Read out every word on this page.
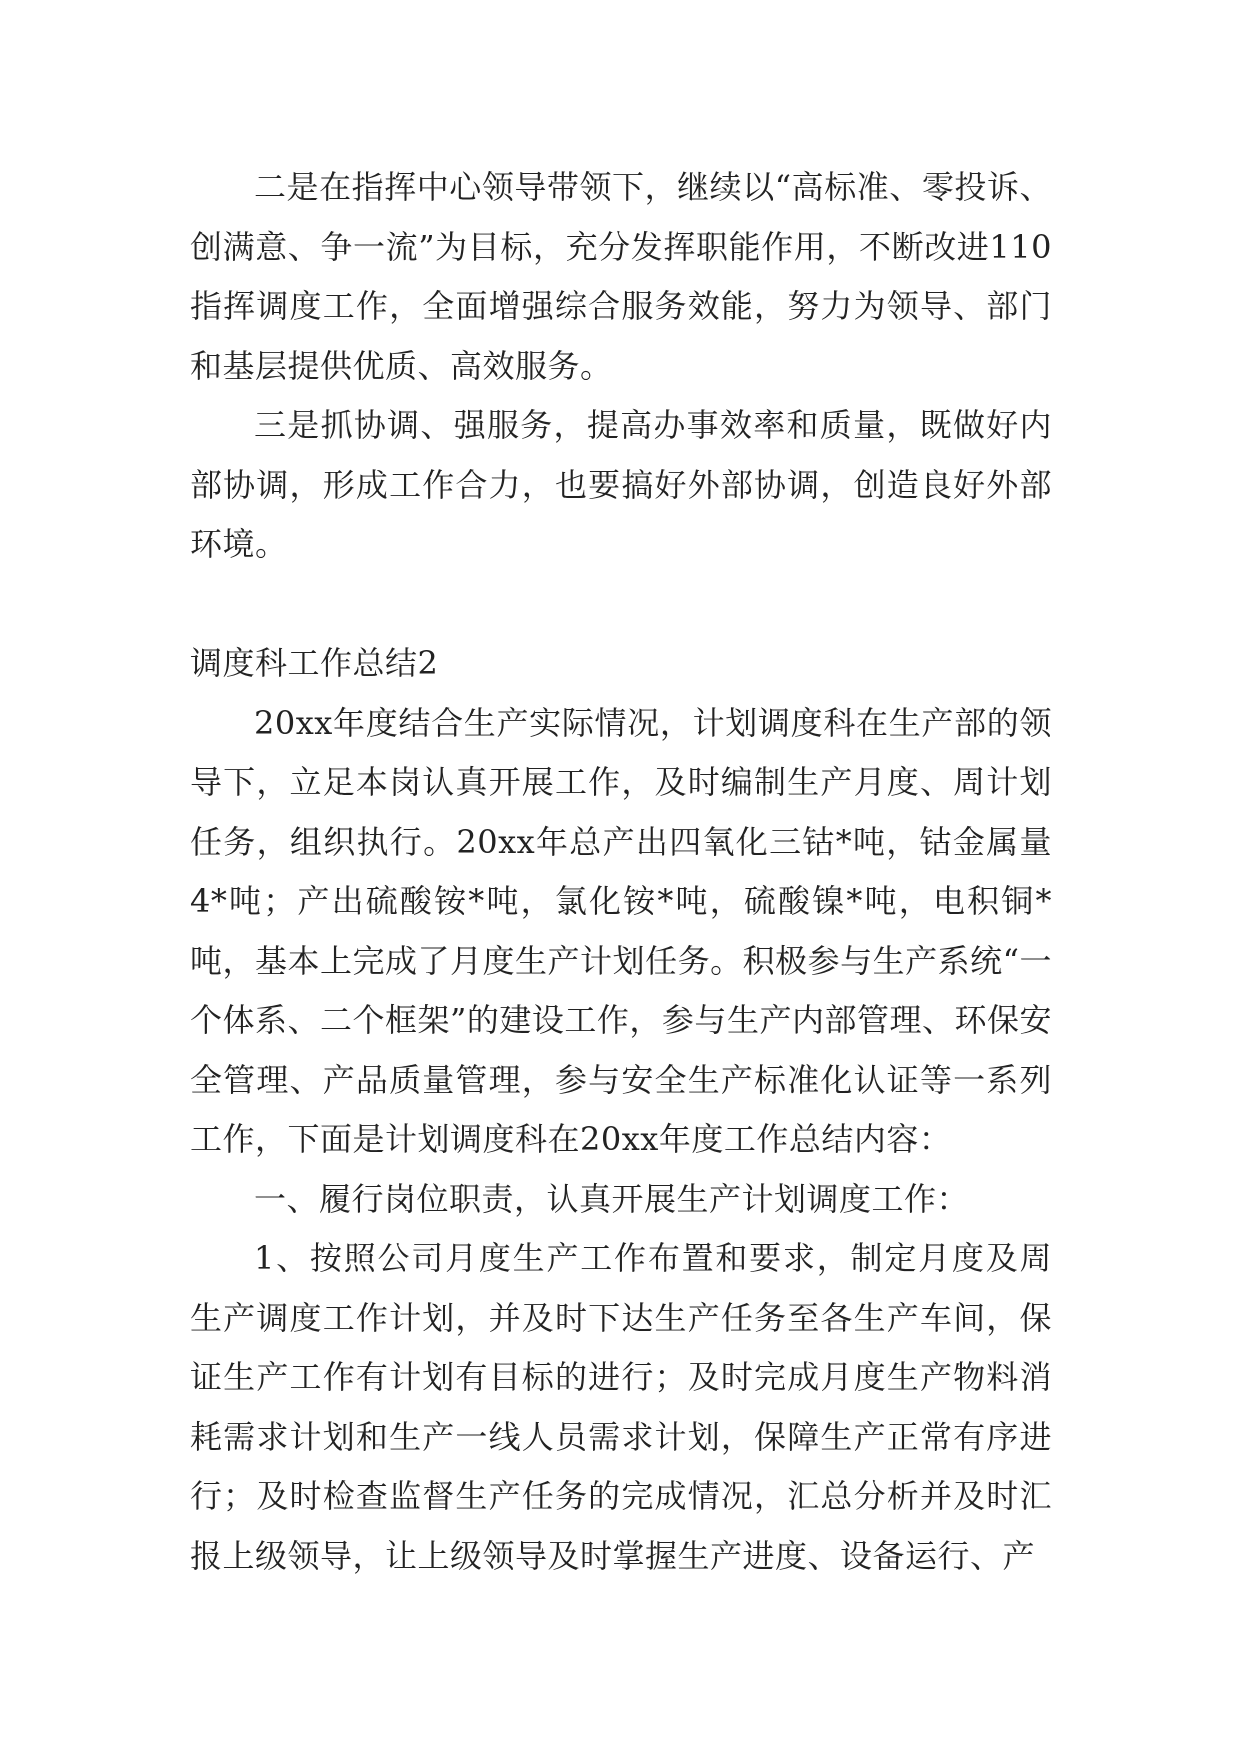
二是在指挥中心领导带领下，继续以“高标准、零投诉、创满意、争一流”为目标，充分发挥职能作用，不断改进110指挥调度工作，全面增强综合服务效能，努力为领导、部门和基层提供优质、高效服务。

三是抓协调、强服务，提高办事效率和质量，既做好内部协调，形成工作合力，也要搞好外部协调，创造良好外部环境。

调度科工作总结2

20xx年度结合生产实际情况，计划调度科在生产部的领导下，立足本岗认真开展工作，及时编制生产月度、周计划任务，组织执行。20xx年总产出四氧化三钴*吨，钴金属量4*吨；产出硫酸铵*吨，氯化铵*吨，硫酸镍*吨，电积铜*吨，基本上完成了月度生产计划任务。积极参与生产系统“一个体系、二个框架”的建设工作，参与生产内部管理、环保安全管理、产品质量管理，参与安全生产标准化认证等一系列工作，下面是计划调度科在20xx年度工作总结内容：

一、履行岗位职责，认真开展生产计划调度工作：

1、按照公司月度生产工作布置和要求，制定月度及周生产调度工作计划，并及时下达生产任务至各生产车间，保证生产工作有计划有目标的进行；及时完成月度生产物料消耗需求计划和生产一线人员需求计划，保障生产正常有序进行；及时检查监督生产任务的完成情况，汇总分析并及时汇报上级领导，让上级领导及时掌握生产进度、设备运行、产
